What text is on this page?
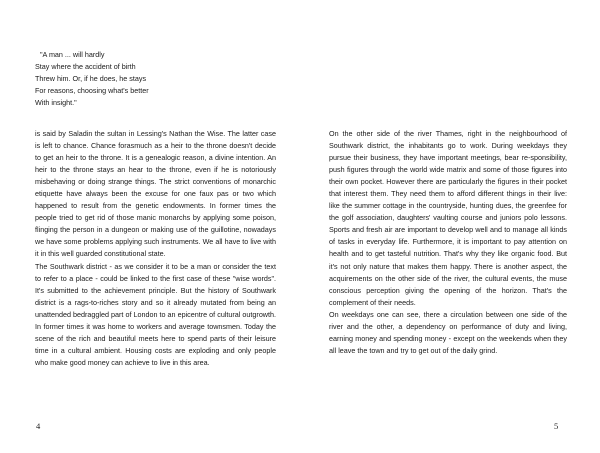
"A man ... will hardly
Stay where the accident of birth
Threw him. Or, if he does, he stays
For reasons, choosing what's better
With insight."

is said by Saladin the sultan in Lessing's Nathan the Wise. The latter case is left to chance. Chance forasmuch as a heir to the throne doesn't decide to get an heir to the throne. It is a genealogic reason, a divine intention. An heir to the throne stays an hear to the throne, even if he is notoriously misbehaving or doing strange things. The strict conventions of monarchic etiquette have always been the excuse for one faux pas or two which happened to result from the genetic endowments. In former times the people tried to get rid of those manic monarchs by applying some poison, flinging the person in a dungeon or making use of the guillotine, nowadays we have some problems applying such instruments. We all have to live with it in this well guarded constitutional state.

The Southwark district - as we consider it to be a man or consider the text to refer to a place - could be linked to the first case of these "wise words". It's submitted to the achievement principle. But the history of Southwark district is a rags-to-riches story and so it already mutated from being an unattended bedraggled part of London to an epicentre of cultural outgrowth. In former times it was home to workers and average townsmen. Today the scene of the rich and beautiful meets here to spend parts of their leisure time in a cultural ambient. Housing costs are exploding and only people who make good money can achieve to live in this area.

4

On the other side of the river Thames, right in the neighbourhood of Southwark district, the inhabitants go to work. During weekdays they pursue their business, they have important meetings, bear re-sponsibility, push figures through the world wide matrix and some of those figures into their own pocket. However there are particularly the figures in their pocket that interest them. They need them to afford different things in their live: like the summer cottage in the countryside, hunting dues, the greenfee for the golf association, daughters' vaulting course and juniors polo lessons. Sports and fresh air are important to develop well and to manage all kinds of tasks in everyday life. Furthermore, it is important to pay attention on health and to get tasteful nutrition. That's why they like organic food. But it's not only nature that makes them happy. There is another aspect, the acquirements on the other side of the river, the cultural events, the muse conscious perception giving the opening of the horizon. That's the complement of their needs.

On weekdays one can see, there a circulation between one side of the river and the other, a dependency on performance of duty and living, earning money and spending money - except on the weekends when they all leave the town and try to get out of the daily grind.

5
